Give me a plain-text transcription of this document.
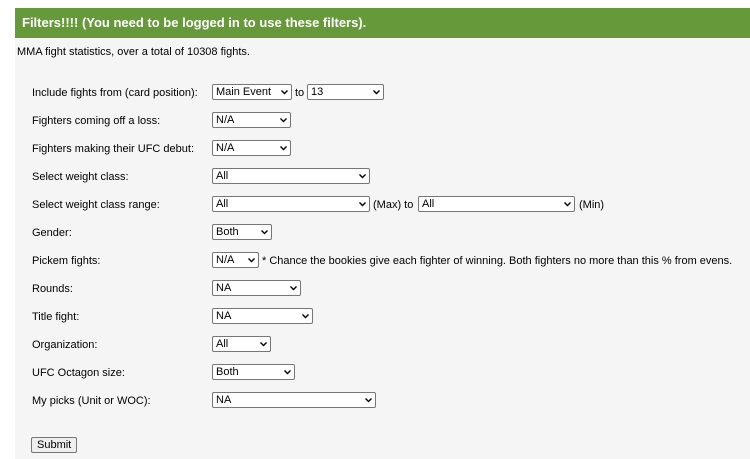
Filters!!!! (You need to be logged in to use these filters).
MMA fight statistics, over a total of 10308 fights.
Include fights from (card position):	Main Event	to 13
Fighters coming off a loss:	N/A
Fighters making their UFC debut:	N/A
Select weight class:	All
Select weight class range:	All	(Max) to All	(Min)
Gender:	Both
Pickem fights:	N/A	* Chance the bookies give each fighter of winning. Both fighters no more than this % from evens.
Rounds:	NA
Title fight:	NA
Organization:	All
UFC Octagon size:	Both
My picks (Unit or WOC):	NA
Submit
